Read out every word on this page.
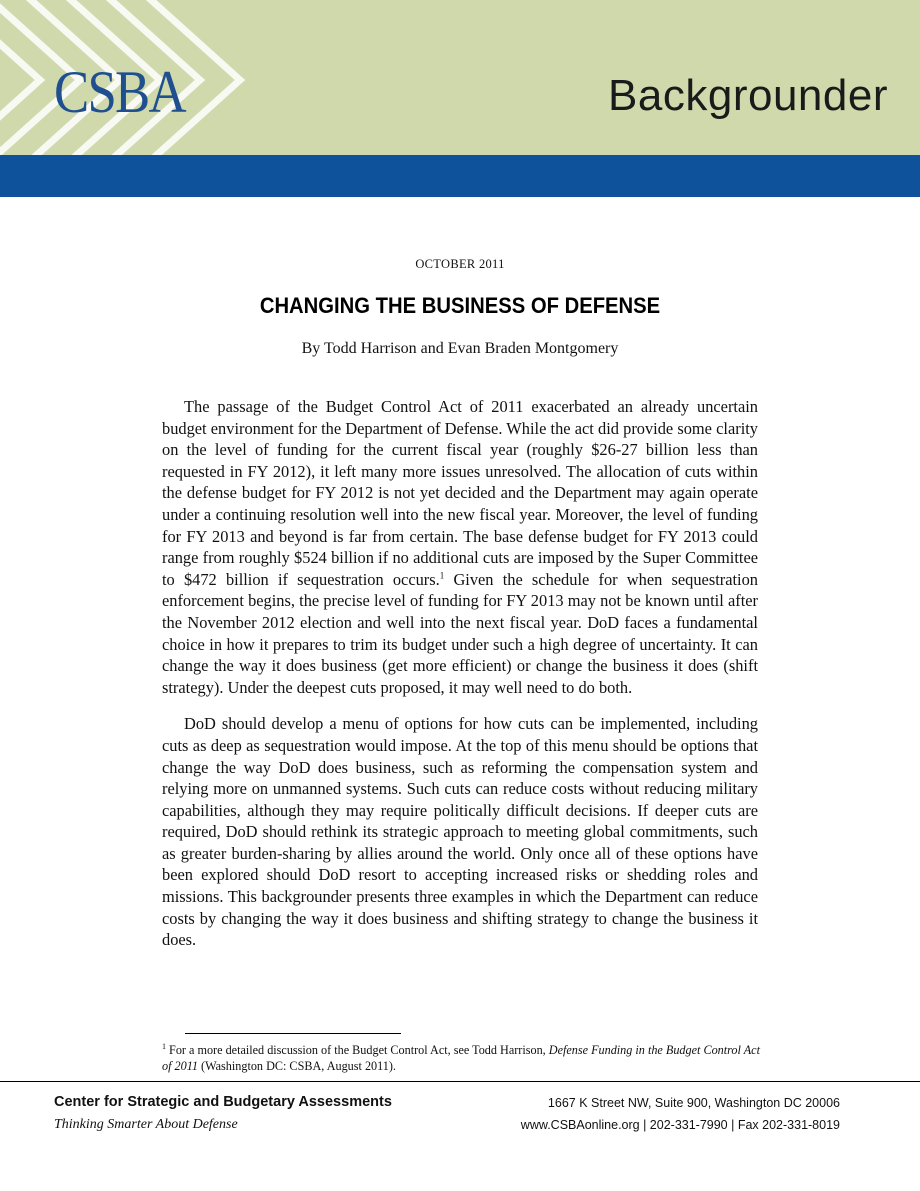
CSBA	Backgrounder
OCTOBER 2011
CHANGING THE BUSINESS OF DEFENSE
By Todd Harrison and Evan Braden Montgomery

The passage of the Budget Control Act of 2011 exacerbated an already uncertain budget environment for the Department of Defense. While the act did provide some clarity on the level of funding for the current fiscal year (roughly $26-27 billion less than requested in FY 2012), it left many more issues unresolved. The allocation of cuts within the defense budget for FY 2012 is not yet decided and the Department may again operate under a continuing resolution well into the new fiscal year. Moreover, the level of funding for FY 2013 and beyond is far from certain. The base defense budget for FY 2013 could range from roughly $524 billion if no additional cuts are imposed by the Super Committee to $472 billion if sequestration occurs.$^1$ Given the schedule for when sequestration enforcement begins, the precise level of funding for FY 2013 may not be known until after the November 2012 election and well into the next fiscal year. DoD faces a fundamental choice in how it prepares to trim its budget under such a high degree of uncertainty. It can change the way it does business (get more efficient) or change the business it does (shift strategy). Under the deepest cuts proposed, it may well need to do both.

DoD should develop a menu of options for how cuts can be implemented, including cuts as deep as sequestration would impose. At the top of this menu should be options that change the way DoD does business, such as reforming the compensation system and relying more on unmanned systems. Such cuts can reduce costs without reducing military capabilities, although they may require politically difficult decisions. If deeper cuts are required, DoD should rethink its strategic approach to meeting global commitments, such as greater burden-sharing by allies around the world. Only once all of these options have been explored should DoD resort to accepting increased risks or shedding roles and missions. This backgrounder presents three examples in which the Department can reduce costs by changing the way it does business and shifting strategy to change the business it does.

$^1$ For a more detailed discussion of the Budget Control Act, see Todd Harrison, Defense Funding in the Budget Control Act of 2011 (Washington DC: CSBA, August 2011).
Center for Strategic and Budgetary Assessments
Thinking Smarter About Defense
1667 K Street NW, Suite 900, Washington DC 20006
www.CSBAonline.org | 202-331-7990 | Fax 202-331-8019
